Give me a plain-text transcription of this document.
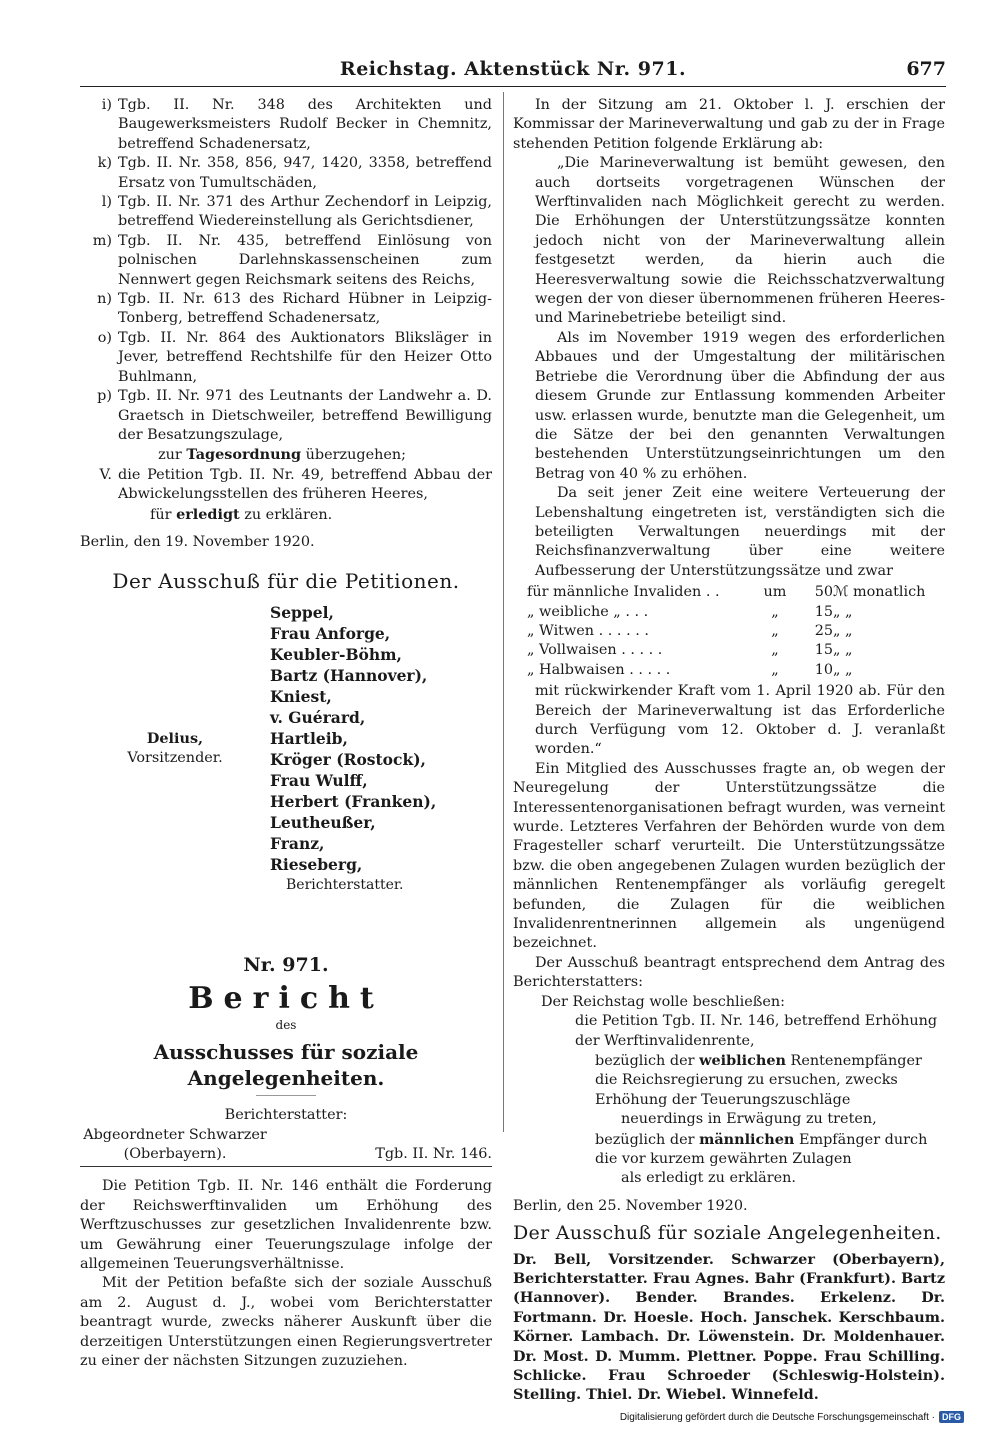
Reichstag. Aktenstück Nr. 971.	677
i) Tgb. II. Nr. 348 des Architekten und Baugewerksmeisters Rudolf Becker in Chemnitz, betreffend Schadenersatz,
k) Tgb. II. Nr. 358, 856, 947, 1420, 3358, betreffend Ersatz von Tumultschäden,
l) Tgb. II. Nr. 371 des Arthur Zechendorf in Leipzig, betreffend Wiedereinstellung als Gerichtsdiener,
m) Tgb. II. Nr. 435, betreffend Einlösung von polnischen Darlehnskassenscheinen zum Nennwert gegen Reichsmark seitens des Reichs,
n) Tgb. II. Nr. 613 des Richard Hübner in Leipzig-Tonberg, betreffend Schadenersatz,
o) Tgb. II. Nr. 864 des Auktionators Bliksläger in Jever, betreffend Rechtshilfe für den Heizer Otto Buhlmann,
p) Tgb. II. Nr. 971 des Leutnants der Landwehr a. D. Graetsch in Dietschweiler, betreffend Bewilligung der Besatzungszulage,
zur Tagesordnung überzugehen;
V. die Petition Tgb. II. Nr. 49, betreffend Abbau der Abwickelungsstellen des früheren Heeres,
für erledigt zu erklären.
Berlin, den 19. November 1920.
Der Ausschuß für die Petitionen.
Delius,
Vorsitzender.
Seppel,
Frau Anforge,
Keubler-Böhm,
Bartz (Hannover),
Kniest,
v. Guérard,
Hartleib,
Kröger (Rostock),
Frau Wulff,
Herbert (Franken),
Leutheußer,
Franz,
Rieseberg,
Berichterstatter.
Nr. 971.
Bericht
des
Ausschusses für soziale Angelegenheiten.
Berichterstatter:
Abgeordneter Schwarzer
(Oberbayern).	Tgb. II. Nr. 146.

Die Petition Tgb. II. Nr. 146 enthält die Forderung der Reichswerftinvaliden um Erhöhung des Werftzuschusses zur gesetzlichen Invalidenrente bzw. um Gewährung einer Teuerungszulage infolge der allgemeinen Teuerungsverhältnisse.

Mit der Petition befaßte sich der soziale Ausschuß am 2. August d. J., wobei vom Berichterstatter beantragt wurde, zwecks näherer Auskunft über die derzeitigen Unterstützungen einen Regierungsvertreter zu einer der nächsten Sitzungen zuzuziehen.

In der Sitzung am 21. Oktober l. J. erschien der Kommissar der Marineverwaltung und gab zu der in Frage stehenden Petition folgende Erklärung ab:

„Die Marineverwaltung ist bemüht gewesen, den auch dortseits vorgetragenen Wünschen der Werftinvaliden nach Möglichkeit gerecht zu werden. Die Erhöhungen der Unterstützungssätze konnten jedoch nicht von der Marineverwaltung allein festgesetzt werden, da hierin auch die Heeresverwaltung sowie die Reichsschatzverwaltung wegen der von dieser übernommenen früheren Heeres- und Marinebetriebe beteiligt sind.

Als im November 1919 wegen des erforderlichen Abbaues und der Umgestaltung der militärischen Betriebe die Verordnung über die Abfindung der aus diesem Grunde zur Entlassung kommenden Arbeiter usw. erlassen wurde, benutzte man die Gelegenheit, um die Sätze der bei den genannten Verwaltungen bestehenden Unterstützungseinrichtungen um den Betrag von 40 % zu erhöhen.

Da seit jener Zeit eine weitere Verteuerung der Lebenshaltung eingetreten ist, verständigten sich die beteiligten Verwaltungen neuerdings mit der Reichsfinanzverwaltung über eine weitere Aufbesserung der Unterstützungssätze und zwar

für männliche Invaliden . .	um	50 ℳ monatlich
„ weibliche „ . . .	„	15 „ „
„ Witwen . . . . . .	„	25 „ „
„ Vollwaisen . . . . .	„	15 „ „
„ Halbwaisen . . . . .	„	10 „ „

mit rückwirkender Kraft vom 1. April 1920 ab. Für den Bereich der Marineverwaltung ist das Erforderliche durch Verfügung vom 12. Oktober d. J. veranlaßt worden.“

Ein Mitglied des Ausschusses fragte an, ob wegen der Neuregelung der Unterstützungssätze die Interessentenorganisationen befragt wurden, was verneint wurde. Letzteres Verfahren der Behörden wurde von dem Fragesteller scharf verurteilt. Die Unterstützungssätze bzw. die oben angegebenen Zulagen wurden bezüglich der männlichen Rentenempfänger als vorläufig geregelt befunden, die Zulagen für die weiblichen Invalidenrentnerinnen allgemein als ungenügend bezeichnet.

Der Ausschuß beantragt entsprechend dem Antrag des Berichterstatters:

Der Reichstag wolle beschließen:
die Petition Tgb. II. Nr. 146, betreffend Erhöhung der Werftinvalidenrente,
bezüglich der weiblichen Rentenempfänger
die Reichsregierung zu ersuchen, zwecks Erhöhung der Teuerungszuschläge
neuerdings in Erwägung zu treten,
bezüglich der männlichen Empfänger durch
die vor kurzem gewährten Zulagen
als erledigt zu erklären.
Berlin, den 25. November 1920.
Der Ausschuß für soziale Angelegenheiten.

Dr. Bell, Vorsitzender. Schwarzer (Oberbayern), Berichterstatter. Frau Agnes. Bahr (Frankfurt). Bartz (Hannover). Bender. Brandes. Erkelenz. Dr. Fortmann. Dr. Hoesle. Hoch. Janschek. Kerschbaum. Körner. Lambach. Dr. Löwenstein. Dr. Moldenhauer. Dr. Most. D. Mumm. Plettner. Poppe. Frau Schilling. Schlicke. Frau Schroeder (Schleswig-Holstein). Stelling. Thiel. Dr. Wiebel. Winnefeld.

Digitalisierung gefördert durch die Deutsche Forschungsgemeinschaft · DFG
